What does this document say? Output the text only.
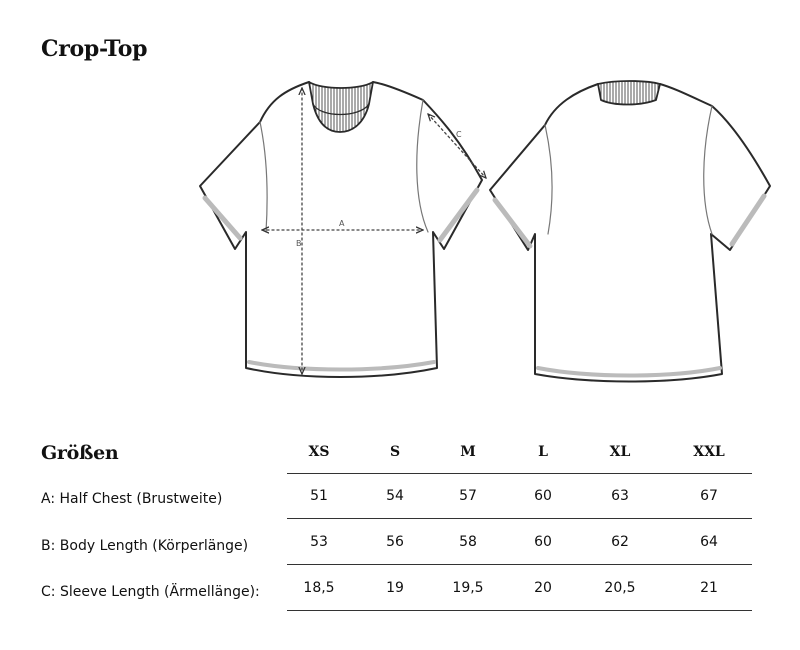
Crop-Top
A
B
C
Größen	XS	S	M	L	XL	XXL
A: Half Chest (Brustweite)	51	54	57	60	63	67
B: Body Length (Körperlänge)	53	56	58	60	62	64
C: Sleeve Length (Ärmellänge):	18,5	19	19,5	20	20,5	21
